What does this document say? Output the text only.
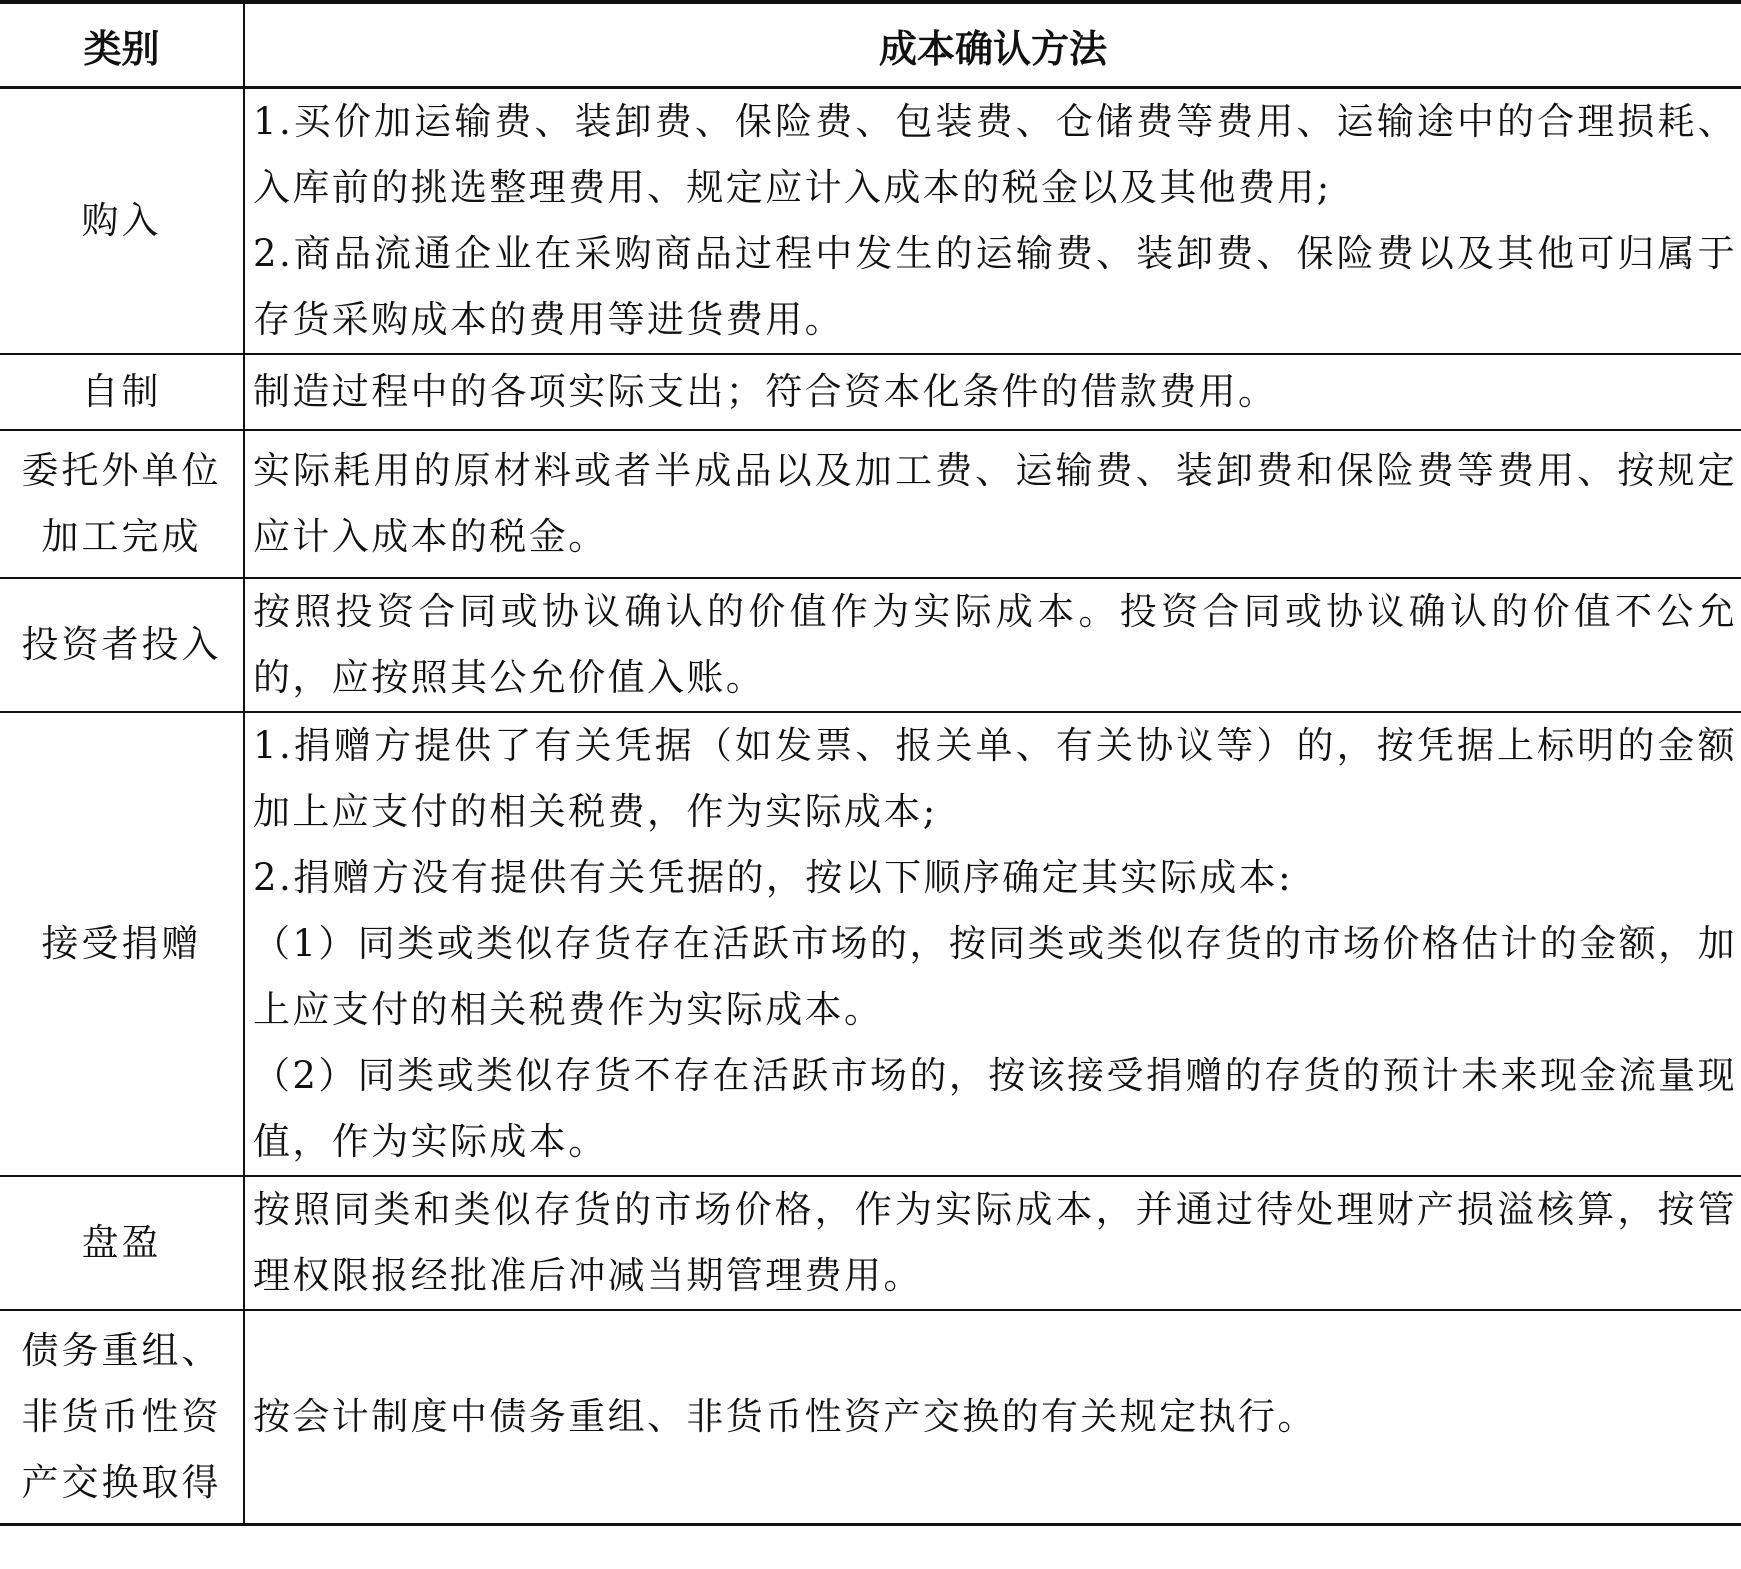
类别	成本确认方法

购入	1.买价加运输费、装卸费、保险费、包装费、仓储费等费用、运输途中的合理损耗、入库前的挑选整理费用、规定应计入成本的税金以及其他费用;
2.商品流通企业在采购商品过程中发生的运输费、装卸费、保险费以及其他可归属于存货采购成本的费用等进货费用。

自制	制造过程中的各项实际支出；符合资本化条件的借款费用。

委托外单位
加工完成	实际耗用的原材料或者半成品以及加工费、运输费、装卸费和保险费等费用、按规定应计入成本的税金。

投资者投入	按照投资合同或协议确认的价值作为实际成本。投资合同或协议确认的价值不公允的，应按照其公允价值入账。

接受捐赠	1.捐赠方提供了有关凭据（如发票、报关单、有关协议等）的，按凭据上标明的金额加上应支付的相关税费，作为实际成本;
2.捐赠方没有提供有关凭据的，按以下顺序确定其实际成本:
（1）同类或类似存货存在活跃市场的，按同类或类似存货的市场价格估计的金额，加上应支付的相关税费作为实际成本。
（2）同类或类似存货不存在活跃市场的，按该接受捐赠的存货的预计未来现金流量现值，作为实际成本。

盘盈	按照同类和类似存货的市场价格，作为实际成本，并通过待处理财产损溢核算，按管理权限报经批准后冲减当期管理费用。

债务重组、
非货币性资
产交换取得	按会计制度中债务重组、非货币性资产交换的有关规定执行。
